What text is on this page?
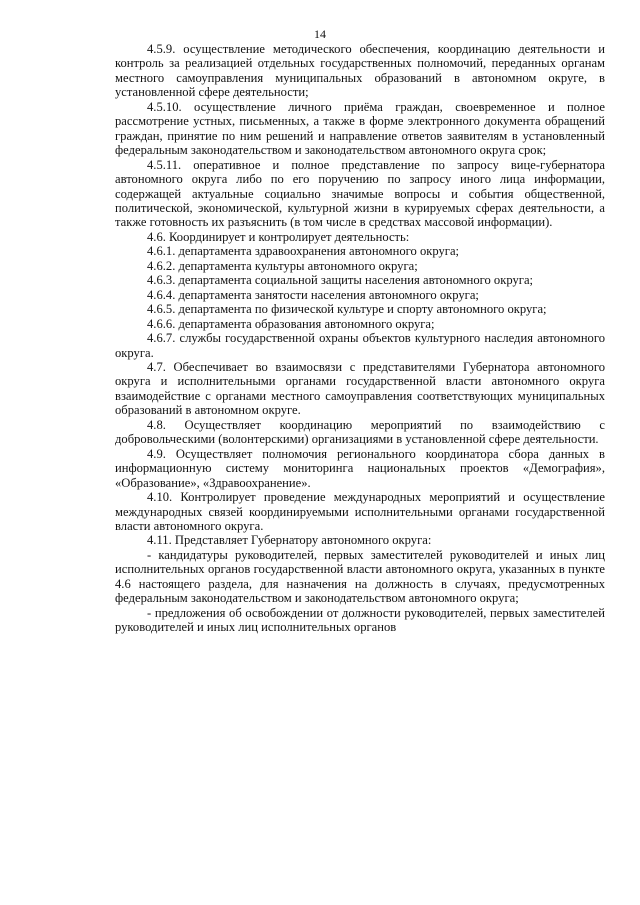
14

4.5.9. осуществление методического обеспечения, координацию деятельности и контроль за реализацией отдельных государственных полномочий, переданных органам местного самоуправления муниципальных образований в автономном округе, в установленной сфере деятельности;

4.5.10. осуществление личного приёма граждан, своевременное и полное рассмотрение устных, письменных, а также в форме электронного документа обращений граждан, принятие по ним решений и направление ответов заявителям в установленный федеральным законодательством и законодательством автономного округа срок;

4.5.11. оперативное и полное представление по запросу вице-губернатора автономного округа либо по его поручению по запросу иного лица информации, содержащей актуальные социально значимые вопросы и события общественной, политической, экономической, культурной жизни в курируемых сферах деятельности, а также готовность их разъяснить (в том числе в средствах массовой информации).

4.6. Координирует и контролирует деятельность:

4.6.1. департамента здравоохранения автономного округа;

4.6.2. департамента культуры автономного округа;

4.6.3. департамента социальной защиты населения автономного округа;

4.6.4. департамента занятости населения автономного округа;

4.6.5. департамента по физической культуре и спорту автономного округа;

4.6.6. департамента образования автономного округа;

4.6.7. службы государственной охраны объектов культурного наследия автономного округа.

4.7. Обеспечивает во взаимосвязи с представителями Губернатора автономного округа и исполнительными органами государственной власти автономного округа взаимодействие с органами местного самоуправления соответствующих муниципальных образований в автономном округе.

4.8. Осуществляет координацию мероприятий по взаимодействию с добровольческими (волонтерскими) организациями в установленной сфере деятельности.

4.9. Осуществляет полномочия регионального координатора сбора данных в информационную систему мониторинга национальных проектов «Демография», «Образование», «Здравоохранение».

4.10. Контролирует проведение международных мероприятий и осуществление международных связей координируемыми исполнительными органами государственной власти автономного округа.

4.11. Представляет Губернатору автономного округа:

- кандидатуры руководителей, первых заместителей руководителей и иных лиц исполнительных органов государственной власти автономного округа, указанных в пункте 4.6 настоящего раздела, для назначения на должность в случаях, предусмотренных федеральным законодательством и законодательством автономного округа;

- предложения об освобождении от должности руководителей, первых заместителей руководителей и иных лиц исполнительных органов
